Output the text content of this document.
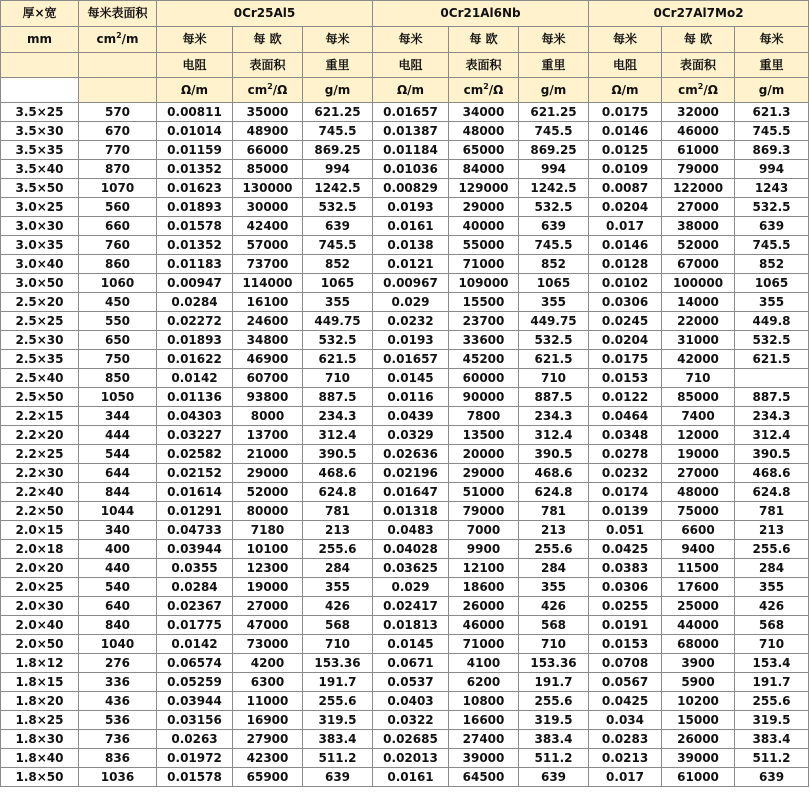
厚×宽	每米表面积	0Cr25Al5			0Cr21Al6Nb			0Cr27Al7Mo2		
mm	$cm^2/m$	每米	每 欧	每米	每米	每 欧	每米	每米	每 欧	每米
		电阻	表面积	重里	电阻	表面积	重里	电阻	表面积	重里
		Ω/m	$cm^2/\Omega$	g/m	Ω/m	$cm^2/\Omega$	g/m	Ω/m	$cm^2/\Omega$	g/m
3.5×25	570	0.00811	35000	621.25	0.01657	34000	621.25	0.0175	32000	621.3
3.5×30	670	0.01014	48900	745.5	0.01387	48000	745.5	0.0146	46000	745.5
3.5×35	770	0.01159	66000	869.25	0.01184	65000	869.25	0.0125	61000	869.3
3.5×40	870	0.01352	85000	994	0.01036	84000	994	0.0109	79000	994
3.5×50	1070	0.01623	130000	1242.5	0.00829	129000	1242.5	0.0087	122000	1243
3.0×25	560	0.01893	30000	532.5	0.0193	29000	532.5	0.0204	27000	532.5
3.0×30	660	0.01578	42400	639	0.0161	40000	639	0.017	38000	639
3.0×35	760	0.01352	57000	745.5	0.0138	55000	745.5	0.0146	52000	745.5
3.0×40	860	0.01183	73700	852	0.0121	71000	852	0.0128	67000	852
3.0×50	1060	0.00947	114000	1065	0.00967	109000	1065	0.0102	100000	1065
2.5×20	450	0.0284	16100	355	0.029	15500	355	0.0306	14000	355
2.5×25	550	0.02272	24600	449.75	0.0232	23700	449.75	0.0245	22000	449.8
2.5×30	650	0.01893	34800	532.5	0.0193	33600	532.5	0.0204	31000	532.5
2.5×35	750	0.01622	46900	621.5	0.01657	45200	621.5	0.0175	42000	621.5
2.5×40	850	0.0142	60700	710	0.0145	60000	710	0.0153	710	
2.5×50	1050	0.01136	93800	887.5	0.0116	90000	887.5	0.0122	85000	887.5
2.2×15	344	0.04303	8000	234.3	0.0439	7800	234.3	0.0464	7400	234.3
2.2×20	444	0.03227	13700	312.4	0.0329	13500	312.4	0.0348	12000	312.4
2.2×25	544	0.02582	21000	390.5	0.02636	20000	390.5	0.0278	19000	390.5
2.2×30	644	0.02152	29000	468.6	0.02196	29000	468.6	0.0232	27000	468.6
2.2×40	844	0.01614	52000	624.8	0.01647	51000	624.8	0.0174	48000	624.8
2.2×50	1044	0.01291	80000	781	0.01318	79000	781	0.0139	75000	781
2.0×15	340	0.04733	7180	213	0.0483	7000	213	0.051	6600	213
2.0×18	400	0.03944	10100	255.6	0.04028	9900	255.6	0.0425	9400	255.6
2.0×20	440	0.0355	12300	284	0.03625	12100	284	0.0383	11500	284
2.0×25	540	0.0284	19000	355	0.029	18600	355	0.0306	17600	355
2.0×30	640	0.02367	27000	426	0.02417	26000	426	0.0255	25000	426
2.0×40	840	0.01775	47000	568	0.01813	46000	568	0.0191	44000	568
2.0×50	1040	0.0142	73000	710	0.0145	71000	710	0.0153	68000	710
1.8×12	276	0.06574	4200	153.36	0.0671	4100	153.36	0.0708	3900	153.4
1.8×15	336	0.05259	6300	191.7	0.0537	6200	191.7	0.0567	5900	191.7
1.8×20	436	0.03944	11000	255.6	0.0403	10800	255.6	0.0425	10200	255.6
1.8×25	536	0.03156	16900	319.5	0.0322	16600	319.5	0.034	15000	319.5
1.8×30	736	0.0263	27900	383.4	0.02685	27400	383.4	0.0283	26000	383.4
1.8×40	836	0.01972	42300	511.2	0.02013	39000	511.2	0.0213	39000	511.2
1.8×50	1036	0.01578	65900	639	0.0161	64500	639	0.017	61000	639
